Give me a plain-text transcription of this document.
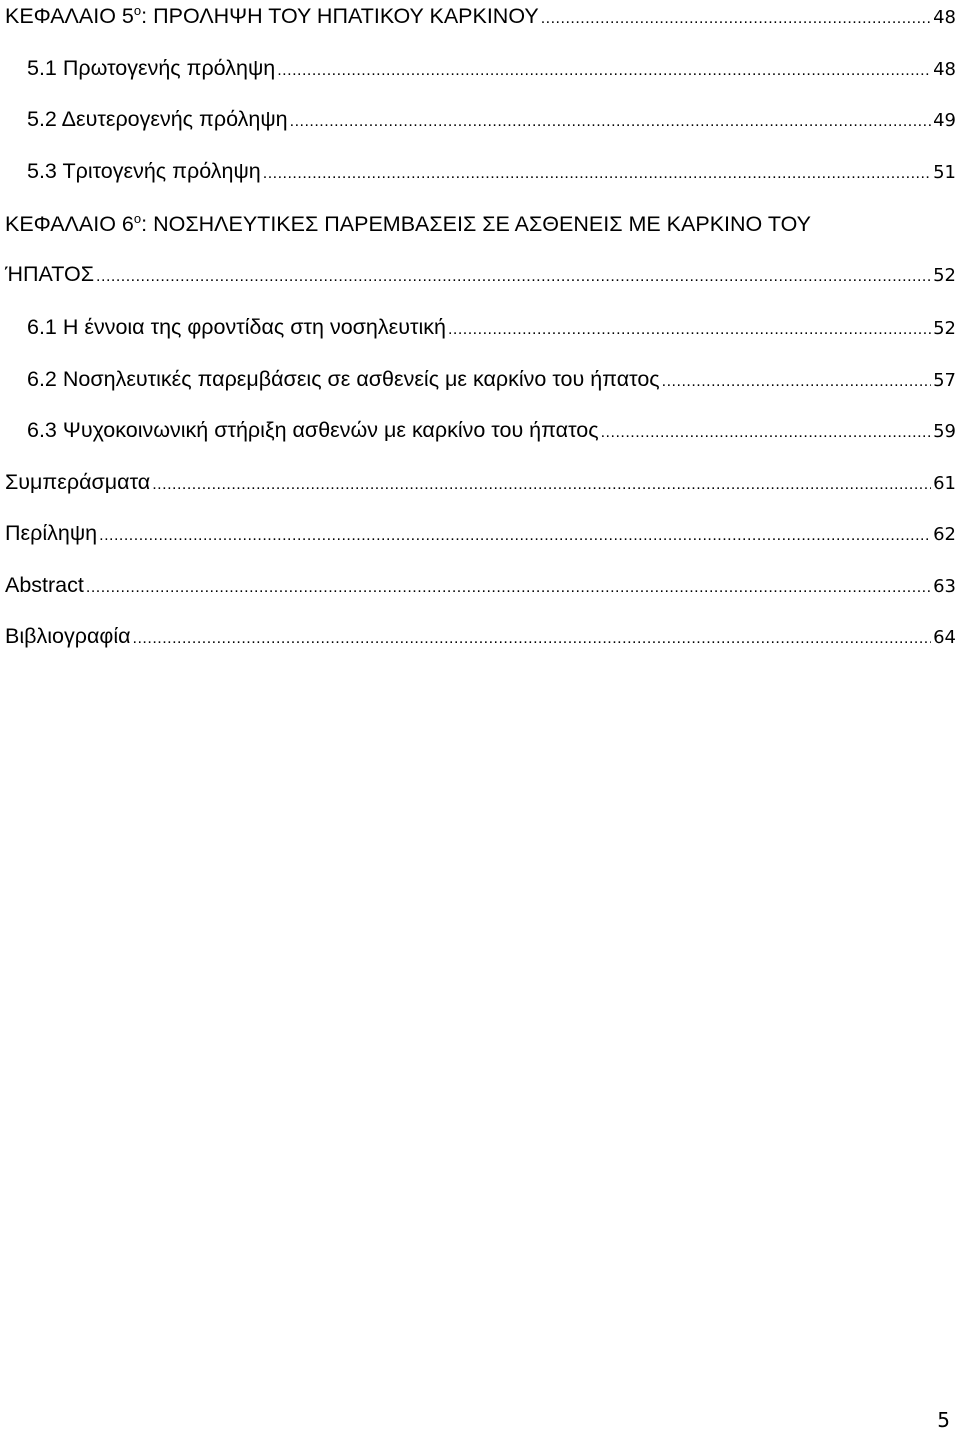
ΚΕΦΑΛΑΙΟ $5^o$: ΠΡΟΛΗΨΗ ΤΟΥ ΗΠΑΤΙΚΟΥ ΚΑΡΚΙΝΟΥ .....	48
5.1 Πρωτογενής πρόληψη .....	48
5.2 Δευτερογενής πρόληψη .....	49
5.3 Τριτογενής πρόληψη .....	51
ΚΕΦΑΛΑΙΟ $6^o$: ΝΟΣΗΛΕΥΤΙΚΕΣ ΠΑΡΕΜΒΑΣΕΙΣ ΣΕ ΑΣΘΕΝΕΙΣ ΜΕ ΚΑΡΚΙΝΟ ΤΟΥ
ΉΠΑΤΟΣ .....	52
6.1 Η έννοια της φροντίδας στη νοσηλευτική .....	52
6.2 Νοσηλευτικές παρεμβάσεις σε ασθενείς με καρκίνο του ήπατος .....	57
6.3 Ψυχοκοινωνική στήριξη ασθενών με καρκίνο του ήπατος .....	59
Συμπεράσματα .....	61
Περίληψη .....	62
Abstract .....	63
Βιβλιογραφία .....	64
5
